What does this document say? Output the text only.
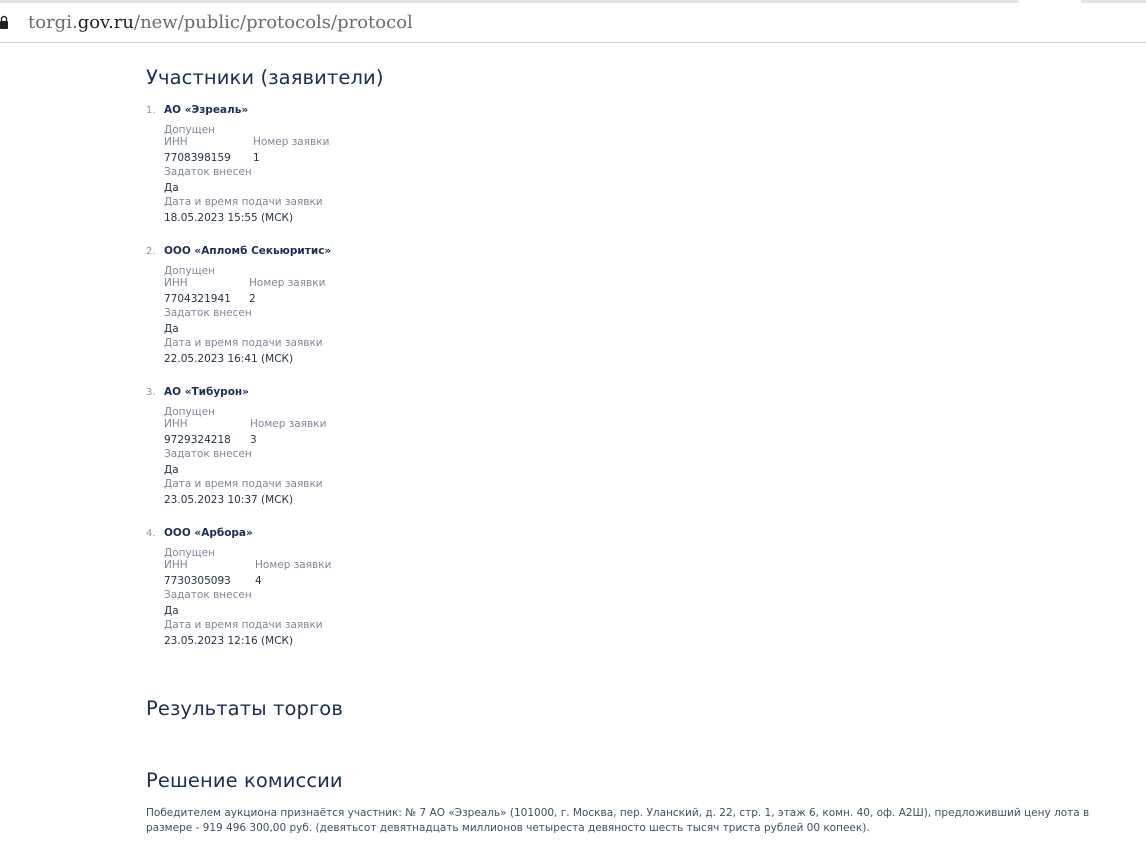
torgi.gov.ru/new/public/protocols/protocol
Участники (заявители)
1. АО «Эзреаль»
Допущен
ИНН	Номер заявки
7708398159 1
Задаток внесен
Да
Дата и время подачи заявки
18.05.2023 15:55 (МСК)
2. ООО «Апломб Секьюритис»
Допущен
ИНН	Номер заявки
7704321941 2
Задаток внесен
Да
Дата и время подачи заявки
22.05.2023 16:41 (МСК)
3. АО «Тибурон»
Допущен
ИНН	Номер заявки
9729324218 3
Задаток внесен
Да
Дата и время подачи заявки
23.05.2023 10:37 (МСК)
4. ООО «Арбора»
Допущен
ИНН	Номер заявки
7730305093 4
Задаток внесен
Да
Дата и время подачи заявки
23.05.2023 12:16 (МСК)
Результаты торгов
Решение комиссии
Победителем аукциона признаётся участник: № 7 АО «Эзреаль» (101000, г. Москва, пер. Уланский, д. 22, стр. 1, этаж 6, комн. 40, оф. А2Ш), предложивший цену лота в размере - 919 496 300,00 руб. (девятьсот девятнадцать миллионов четыреста девяносто шесть тысяч триста рублей 00 копеек).
